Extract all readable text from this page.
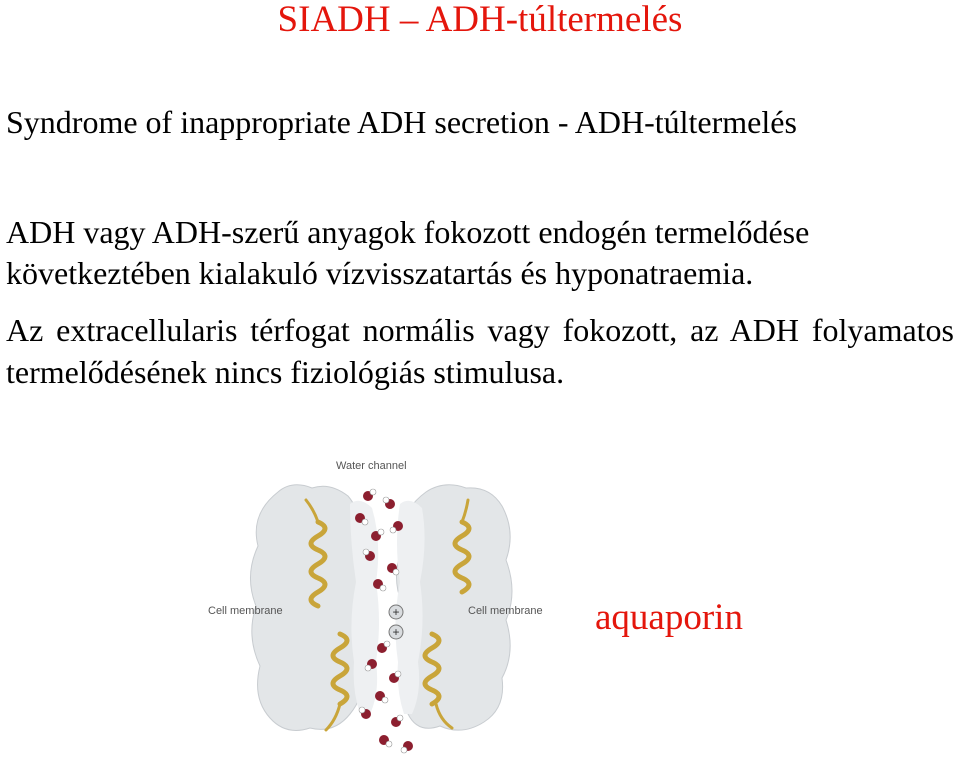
SIADH – ADH-túltermelés
Syndrome of inappropriate ADH secretion - ADH-túltermelés
ADH vagy ADH-szerű anyagok fokozott endogén termelődése
következtében kialakuló vízvisszatartás és hyponatraemia.
Az extracellularis térfogat normális vagy fokozott, az ADH folyamatos termelődésének nincs fiziológiás stimulusa.
+
+
Water channel
Cell membrane	Cell membrane aquaporin
